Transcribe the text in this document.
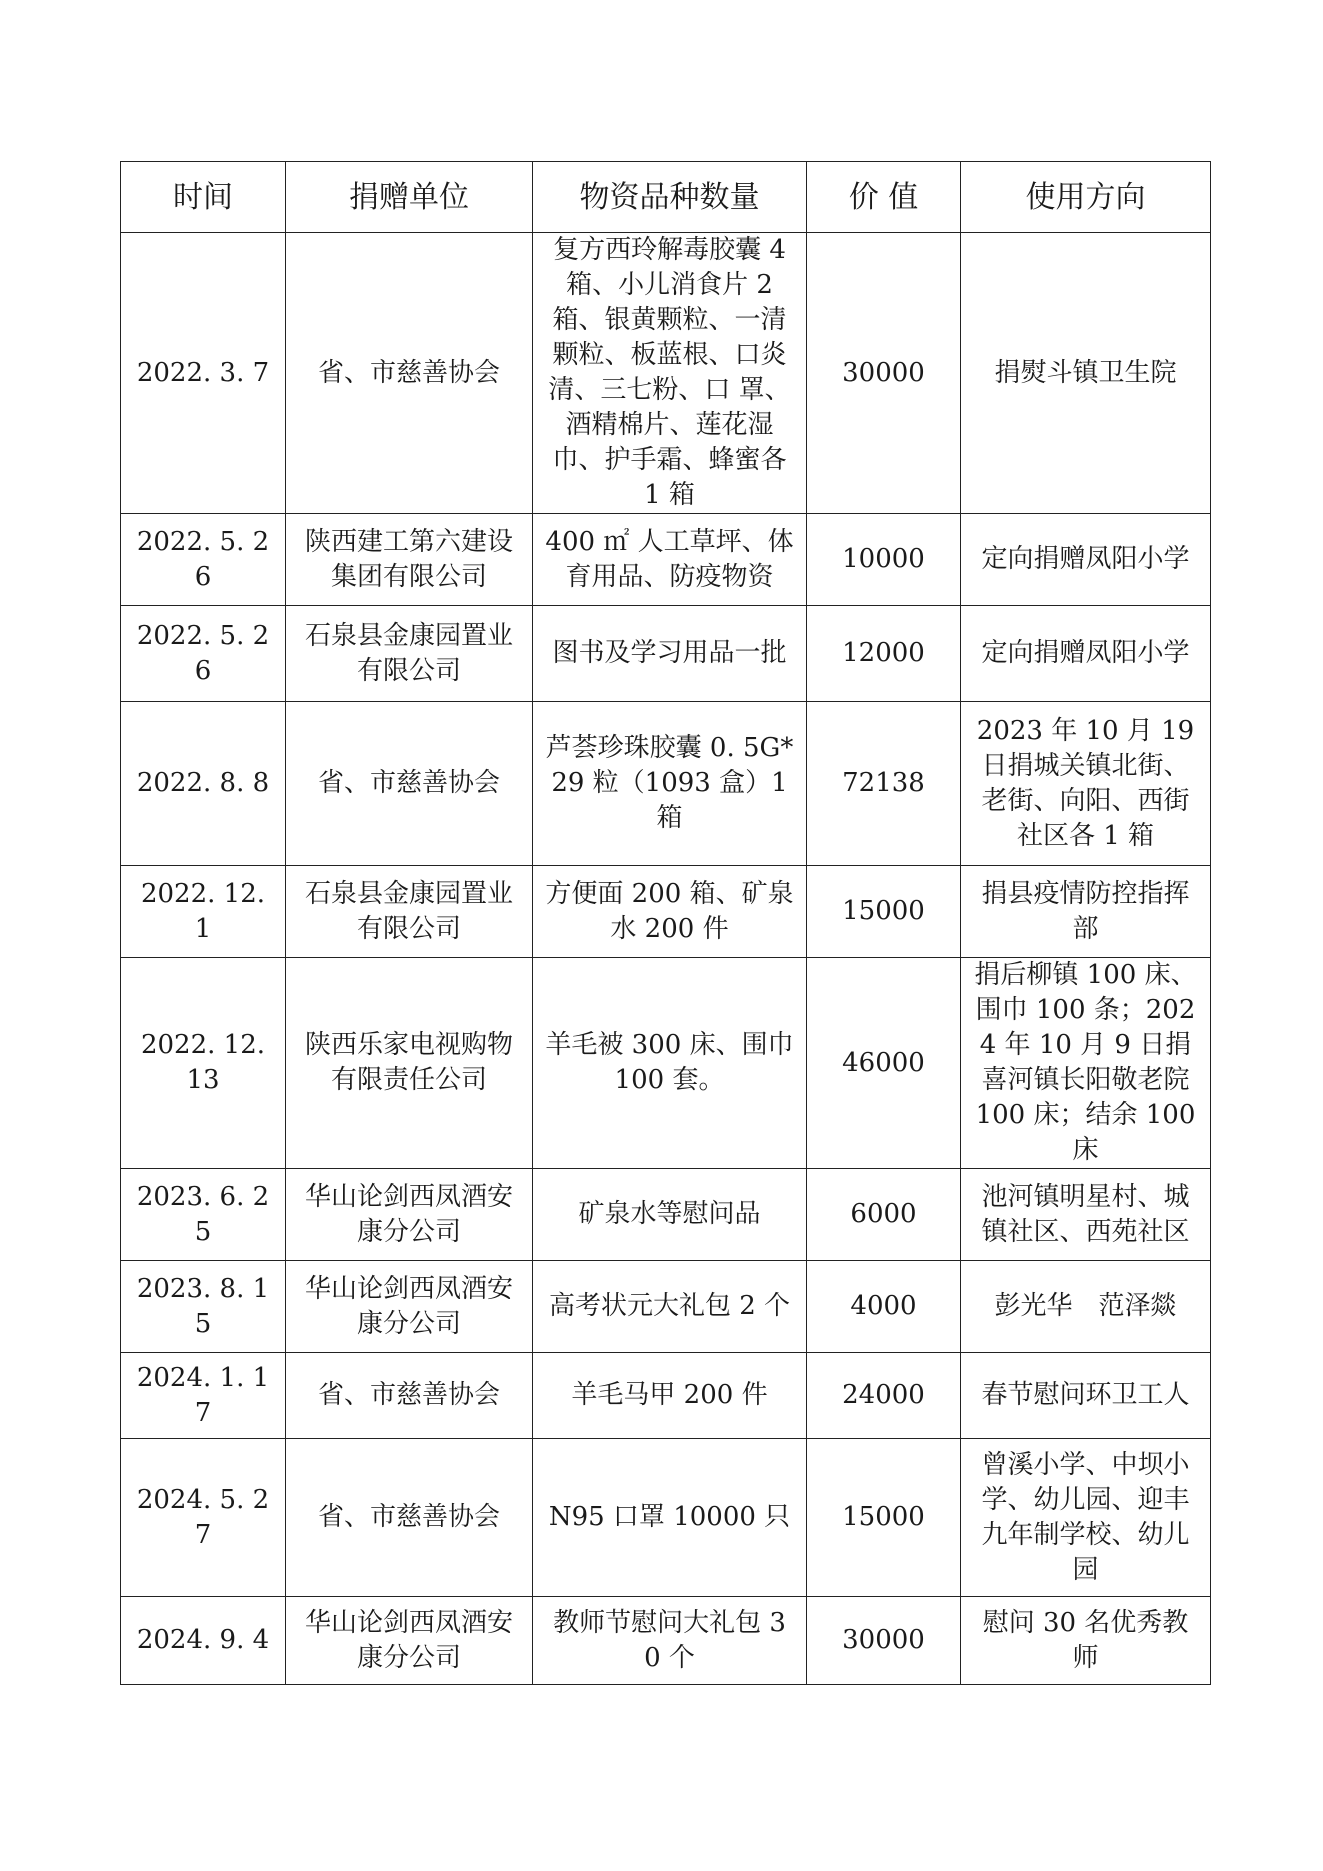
时间	捐赠单位	物资品种数量	价 值	使用方向
2022. 3. 7	省、市慈善协会	复方西玲解毒胶囊 4 箱、小儿消食片 2 箱、银黄颗粒、一清颗粒、板蓝根、口炎清、三七粉、口 罩、酒精棉片、莲花湿巾、护手霜、蜂蜜各 1 箱	30000	捐熨斗镇卫生院
2022. 5. 26	陕西建工第六建设集团有限公司	400 ㎡ 人工草坪、体育用品、防疫物资	10000	定向捐赠凤阳小学
2022. 5. 26	石泉县金康园置业有限公司	图书及学习用品一批	12000	定向捐赠凤阳小学
2022. 8. 8	省、市慈善协会	芦荟珍珠胶囊 0. 5G*29 粒（1093 盒）1 箱	72138	2023 年 10 月 19 日捐城关镇北街、老街、向阳、西街社区各 1 箱
2022. 12. 1	石泉县金康园置业有限公司	方便面 200 箱、矿泉水 200 件	15000	捐县疫情防控指挥部
2022. 12. 13	陕西乐家电视购物有限责任公司	羊毛被 300 床、围巾 100 套。	46000	捐后柳镇 100 床、围巾 100 条；2024 年 10 月 9 日捐喜河镇长阳敬老院 100 床；结余 100 床
2023. 6. 25	华山论剑西凤酒安康分公司	矿泉水等慰问品	6000	池河镇明星村、城镇社区、西苑社区
2023. 8. 15	华山论剑西凤酒安康分公司	高考状元大礼包 2 个	4000	彭光华　范泽燚
2024. 1. 17	省、市慈善协会	羊毛马甲 200 件	24000	春节慰问环卫工人
2024. 5. 27	省、市慈善协会	N95 口罩 10000 只	15000	曾溪小学、中坝小学、幼儿园、迎丰九年制学校、幼儿园
2024. 9. 4	华山论剑西凤酒安康分公司	教师节慰问大礼包 30 个	30000	慰问 30 名优秀教师
